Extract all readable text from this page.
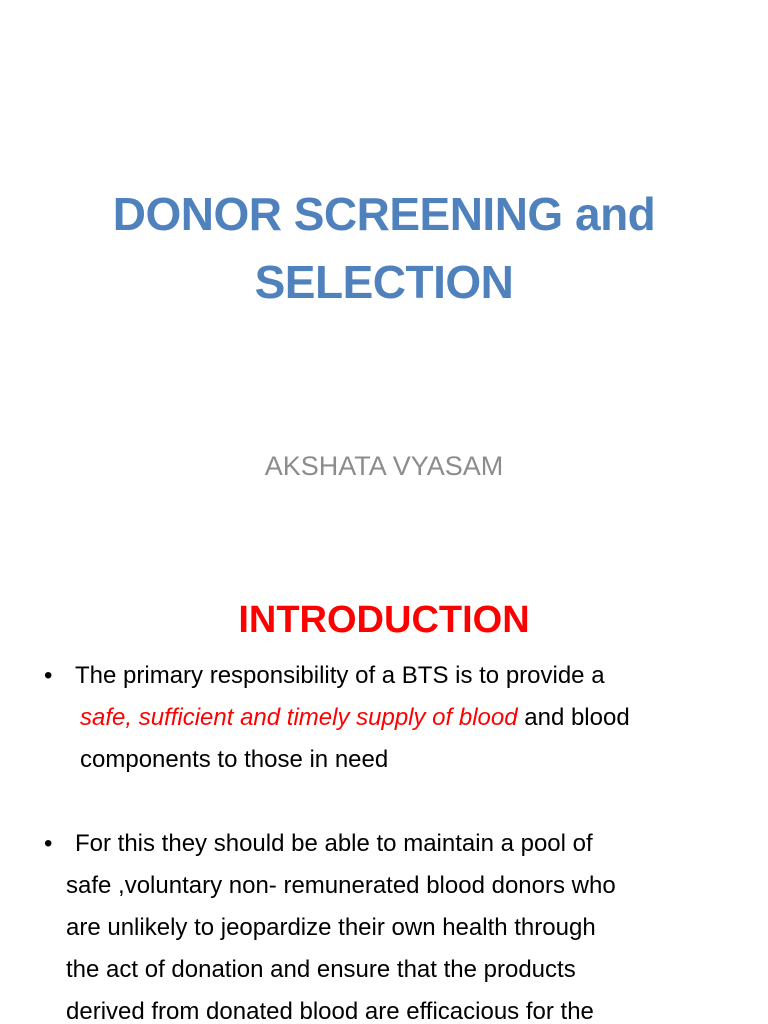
DONOR SCREENING and
SELECTION
AKSHATA VYASAM
INTRODUCTION
• The primary responsibility of a BTS is to provide a
safe, sufficient and timely supply of blood and blood
components to those in need
• For this they should be able to maintain a pool of
safe ,voluntary non- remunerated blood donors who
are unlikely to jeopardize their own health through
the act of donation and ensure that the products
derived from donated blood are efficacious for the
